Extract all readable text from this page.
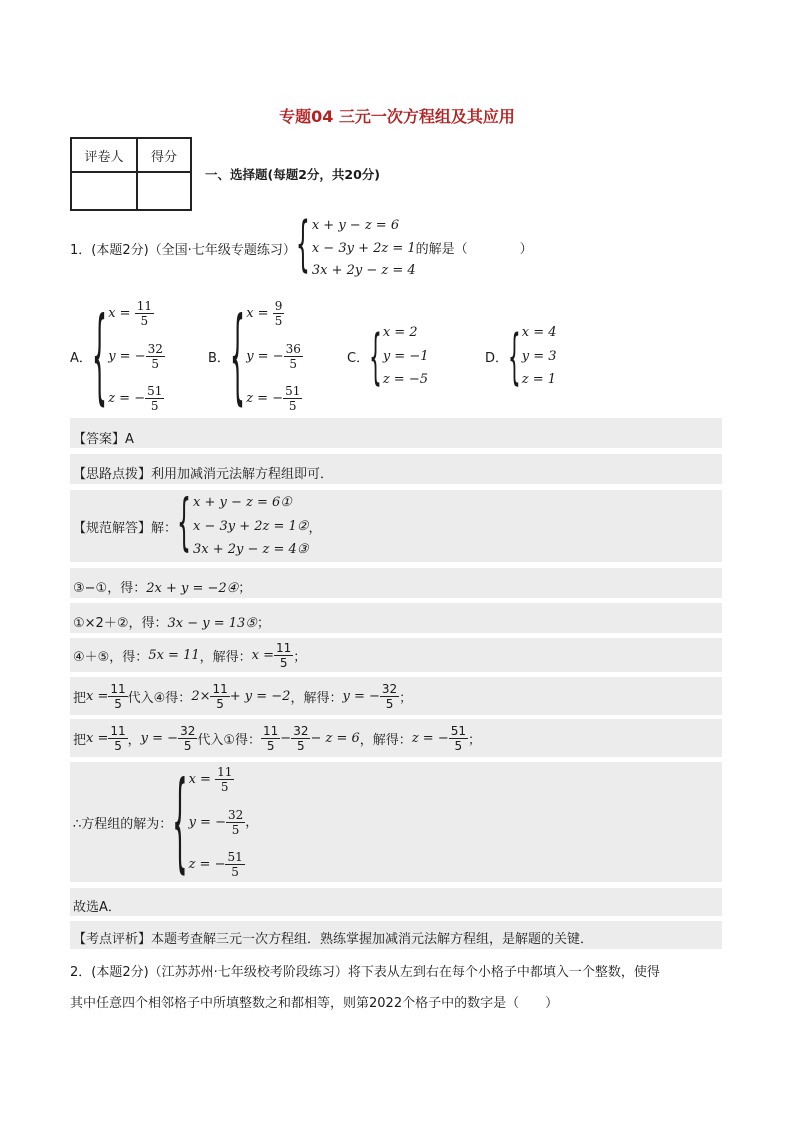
专题04 三元一次方程组及其应用
评卷人	得分

一、选择题(每题2分，共20分)
1．(本题2分)（全国·七年级专题练习） { x + y − z = 6
x − 3y + 2z = 1
3x + 2y − z = 4
的解是（　　　　）
A． { $x = \frac{11}{5}$
y = − $\frac{32}{5}$
z = − $\frac{51}{5}$
B． { $x = \frac{9}{5}$
y = − $\frac{36}{5}$
z = − $\frac{51}{5}$
C． { x = 2
y = −1
z = −5
D． { x = 4
y = 3
z = 1
【答案】A
【思路点拨】利用加减消元法解方程组即可．
【规范解答】解： { x + y − z = 6①
x − 3y + 2z = 1②
3x + 2y − z = 4③
，
③−①，得：2x + y = −2④；
①×2＋②，得：3x − y = 13⑤；
④＋⑤，得： 5x = 11 ，解得： $x = \frac{11}{5}$ ；
把 $x = \frac{11}{5}$ 代入④得： $2\times \frac{11}{5} + y = -2$ ，解得： y = − $\frac{32}{5}$ ；
把 $x = \frac{11}{5}$ ， y = − $\frac{32}{5}$ 代入①得： $\frac{11}{5} - \frac{32}{5} - z = 6$ ，解得： z = − $\frac{51}{5}$ ；
∴方程组的解为： { $x = \frac{11}{5}$
y = − $\frac{32}{5}$ ，
z = − $\frac{51}{5}$
故选A．
【考点评析】本题考查解三元一次方程组．熟练掌握加减消元法解方程组，是解题的关键．
2．(本题2分)（江苏苏州·七年级校考阶段练习）将下表从左到右在每个小格子中都填入一个整数，使得
其中任意四个相邻格子中所填整数之和都相等，则第2022个格子中的数字是（　　）
